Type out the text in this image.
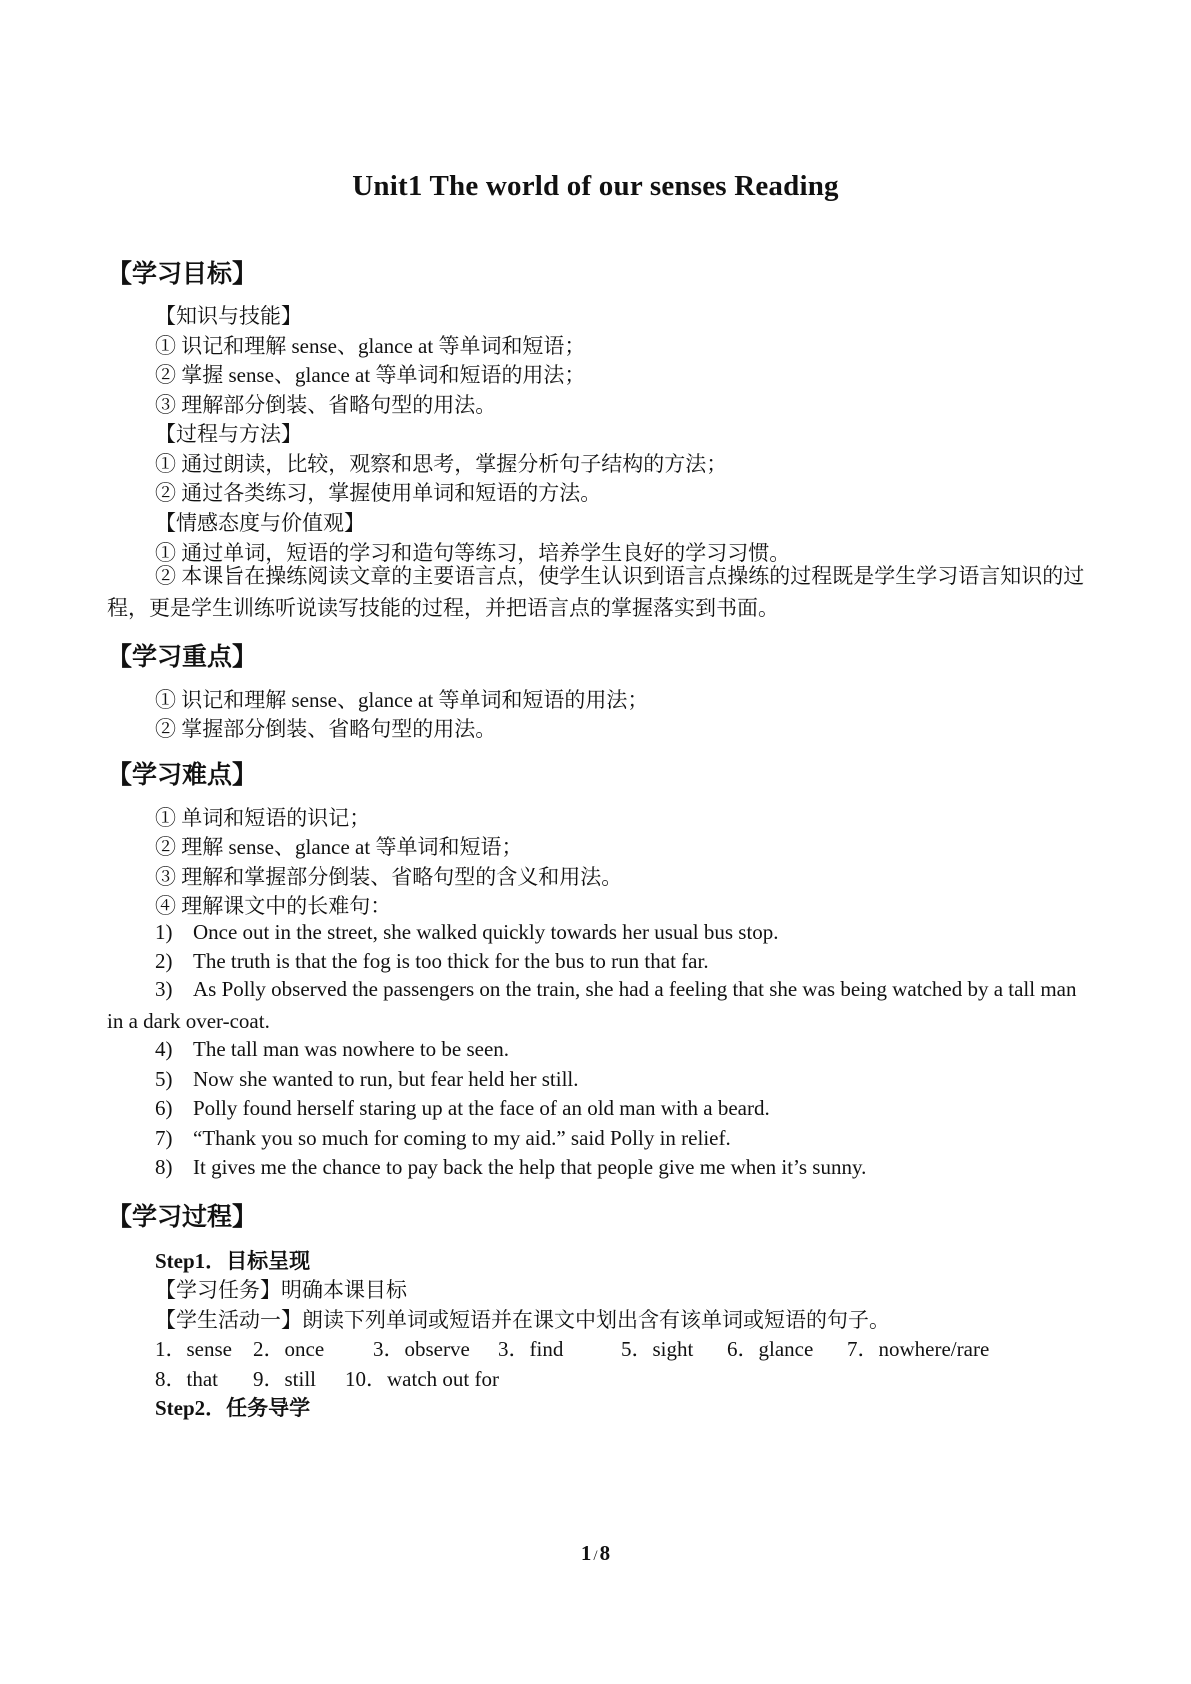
Unit1 The world of our senses Reading
【学习目标】
【知识与技能】
① 识记和理解 sense、glance at 等单词和短语；
② 掌握 sense、glance at 等单词和短语的用法；
③ 理解部分倒装、省略句型的用法。
【过程与方法】
① 通过朗读，比较，观察和思考，掌握分析句子结构的方法；
② 通过各类练习，掌握使用单词和短语的方法。
【情感态度与价值观】
① 通过单词，短语的学习和造句等练习，培养学生良好的学习习惯。
② 本课旨在操练阅读文章的主要语言点，使学生认识到语言点操练的过程既是学生学习语言知识的过程，更是学生训练听说读写技能的过程，并把语言点的掌握落实到书面。
【学习重点】
① 识记和理解 sense、glance at 等单词和短语的用法；
② 掌握部分倒装、省略句型的用法。
【学习难点】
① 单词和短语的识记；
② 理解 sense、glance at 等单词和短语；
③ 理解和掌握部分倒装、省略句型的含义和用法。
④ 理解课文中的长难句：
1) Once out in the street, she walked quickly towards her usual bus stop.
2) The truth is that the fog is too thick for the bus to run that far.
3) As Polly observed the passengers on the train, she had a feeling that she was being watched by a tall man in a dark over-coat.
4) The tall man was nowhere to be seen.
5) Now she wanted to run, but fear held her still.
6) Polly found herself staring up at the face of an old man with a beard.
7) “Thank you so much for coming to my aid.” said Polly in relief.
8) It gives me the chance to pay back the help that people give me when it’s sunny.
【学习过程】
Step1．目标呈现
【学习任务】明确本课目标
【学生活动一】朗读下列单词或短语并在课文中划出含有该单词或短语的句子。
1．sense 2．once 3．observe 3．find	5．sight 6．glance 7．nowhere/rare
8．that 9．still 10．watch out for
Step2．任务导学
1 /8
